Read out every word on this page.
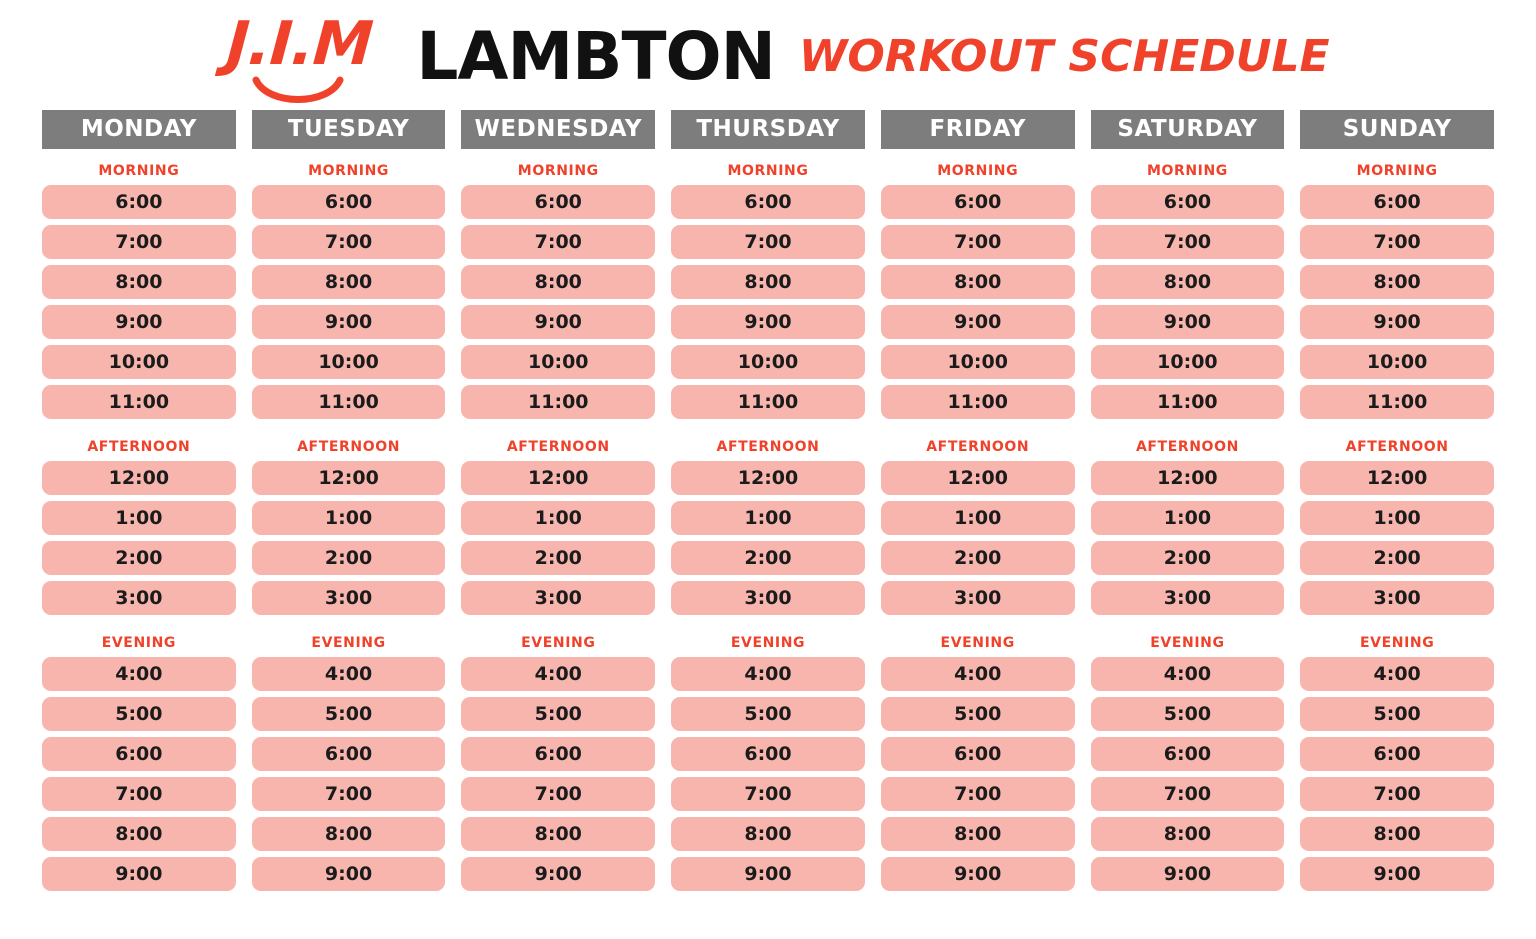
J.I.M LAMBTON WORKOUT SCHEDULE
MONDAY
MORNING
6:00
7:00
8:00
9:00
10:00
11:00
AFTERNOON
12:00
1:00
2:00
3:00
EVENING
4:00
5:00
6:00
7:00
8:00
9:00
TUESDAY
MORNING
6:00
7:00
8:00
9:00
10:00
11:00
AFTERNOON
12:00
1:00
2:00
3:00
EVENING
4:00
5:00
6:00
7:00
8:00
9:00
WEDNESDAY
MORNING
6:00
7:00
8:00
9:00
10:00
11:00
AFTERNOON
12:00
1:00
2:00
3:00
EVENING
4:00
5:00
6:00
7:00
8:00
9:00
THURSDAY
MORNING
6:00
7:00
8:00
9:00
10:00
11:00
AFTERNOON
12:00
1:00
2:00
3:00
EVENING
4:00
5:00
6:00
7:00
8:00
9:00
FRIDAY
MORNING
6:00
7:00
8:00
9:00
10:00
11:00
AFTERNOON
12:00
1:00
2:00
3:00
EVENING
4:00
5:00
6:00
7:00
8:00
9:00
SATURDAY
MORNING
6:00
7:00
8:00
9:00
10:00
11:00
AFTERNOON
12:00
1:00
2:00
3:00
EVENING
4:00
5:00
6:00
7:00
8:00
9:00
SUNDAY
MORNING
6:00
7:00
8:00
9:00
10:00
11:00
AFTERNOON
12:00
1:00
2:00
3:00
EVENING
4:00
5:00
6:00
7:00
8:00
9:00
